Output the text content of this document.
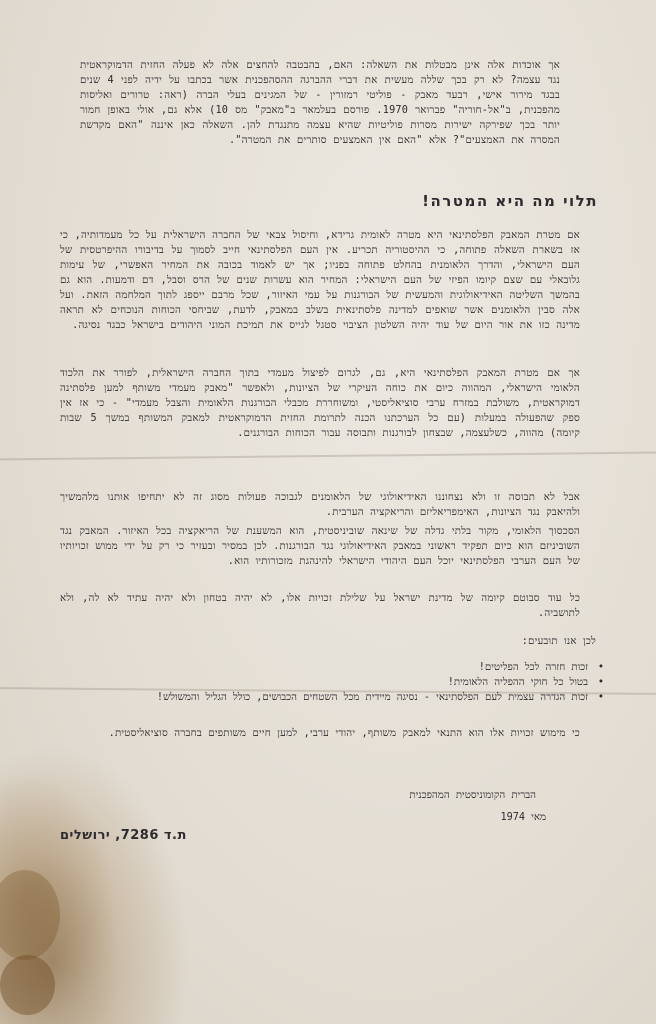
אך אוכדות אלה אינן מבטלות את השאלה: האם, בהבטבה להחצים אלה לא פעלה החזית הדמוקראטית נגד עצמה? לא רק בכך שללה מעשית את דברי ההברגה ההסהפכנית אשר בכתבו על ידיה לפני 4 שנים בבגד מירור אישי, רבעד מאבק - פוליטי רמזורין - של המגינים בעלי הברה (ראה: טרורים ואליסות מהפכנית, ב"אל-חוריה" פברואר 1970. פורסם בעלמאר ב"מאבק" מס 10) אלא גם, אולי באופן חמור יותר בכך שפירקה ישירות מסרות פוליטיות שהיא עצמה מתנגדת להן. השאלה כאן איננה "האם מקדשת המסרה את האמצעים"? אלא "האם אין האמצעים סותרים את המטרה".

תלוי מה היא המטרה!

אם מטרת המאבק הפלסתינאי היא מטרה לאומית גרידא, וחיסול צבאי של החברה הישראלית על כל מעמדותיה, כי אז בשארת השאלה פתוחה, כי ההיסטוריה תכריע. אין העם הפלסתינאי חייב לסמוך על בדיבורו ההיפרטסית של העם הישראלי, והדרך הלאומנית בהחלט פתוחה בפניו; אך יש לאמוד בכובה את המחיר האפשרי, של עימות גלובאלי עם שצם קיומו הפיזי של העם הישראלי: המחיר הוא עשרות שנים של הרס וסבל, דם ודמעות. הוא גם בהמשך השליטה האידיאולוגית והמעשית של הבורגנות על עמי האיזור, שכל מרבם ייספג לתוך המלחמה הזאת. ועל אלה סבין הלאומנים אשר שואפים למדינה פלסתינאית בשלב במאבק, לדעת, שביחסי הכוחות הנוכחים לא תראה מדינה כזו את אור היום של עוד יהיה השלטון הציבוי סטגל לגייס את תמיכת המוני היהודים בישראל כבגד נסיגה.

אך אם מטרת המאבק הפלסתינאי היא, גם, לגרום לפיצול מעמדי בתוך החברה הישראלית, לפורר את הלכוד הלאומי הישראלי, המהווה כיום את כוחה העיקרי של הציונות, ולאפשר "מאבק מעמדי משותף למען פלסתינה דמוקראטית, משולבת במזרח ערבי סוציאליסטי, ומשוחררת מכבלי הבורגנות הלאומית והצבל מעמדי" - כי אז אין ספק שהפעולה במעלות (עם כל הערכתנו הכנה לתרומת החזית הדמוקראטית למאבק המשותף במשך 5 שבות קיומה) מהווה, כשלעצמה, שבצחון לבורגנות ותבוסה עבור הכוחות הבורגנים.

אבל לא תבוסה זו ולא נצחוננו האידיאולוגי של הלאומנים לגבוכה פעולות מסוג זה לא יתחיפו אותנו מלהמשיך ולהיאבק נגד הציונות, האימפריאליזם והריאקציה הערבית.

הסכסוך הלאומי, מקור בלתי גדלה של שינאה שוביניסטית, הוא המשענת של הריאקציה בכל האיזור. המאבק נגד השוביניזם הוא כיום תפקיד ראשוני במאבק האידיאולוגי נגד הבורגנות. לכן במסיר ובעזיר כי רק על ידי ממוש זכויותיו של העם הערבי הפלסתינאי יוכל העם היהודי הישראלי להינהגת מזכורותיו הוא.

כל עוד סבוטם קיומה של מדינת ישראל על שלילת זכויות אלו, לא יהיה בטחון ולא יהיה עתיד לא לה, ולא לתושביה.

לכן אנו תובעים:
• זכות חזרה לכל הפליטים!
• בטול כל חוקי ההפליה הלאומית!
• זכות הגדרה עצמית לעם הפלסתינאי - נסיגה מיידית מכל השטחים הכבושים, כולל הגליל והמשולש!

כי מימוש זכויות אלו הוא התנאי למאבק משותף, יהודי ערבי, למען חיים משותפים בחברה סוציאליסטית.

הברית הקומוניסטית המהפכנית
מאי 1974
ת.ד 7286, ירושלים
